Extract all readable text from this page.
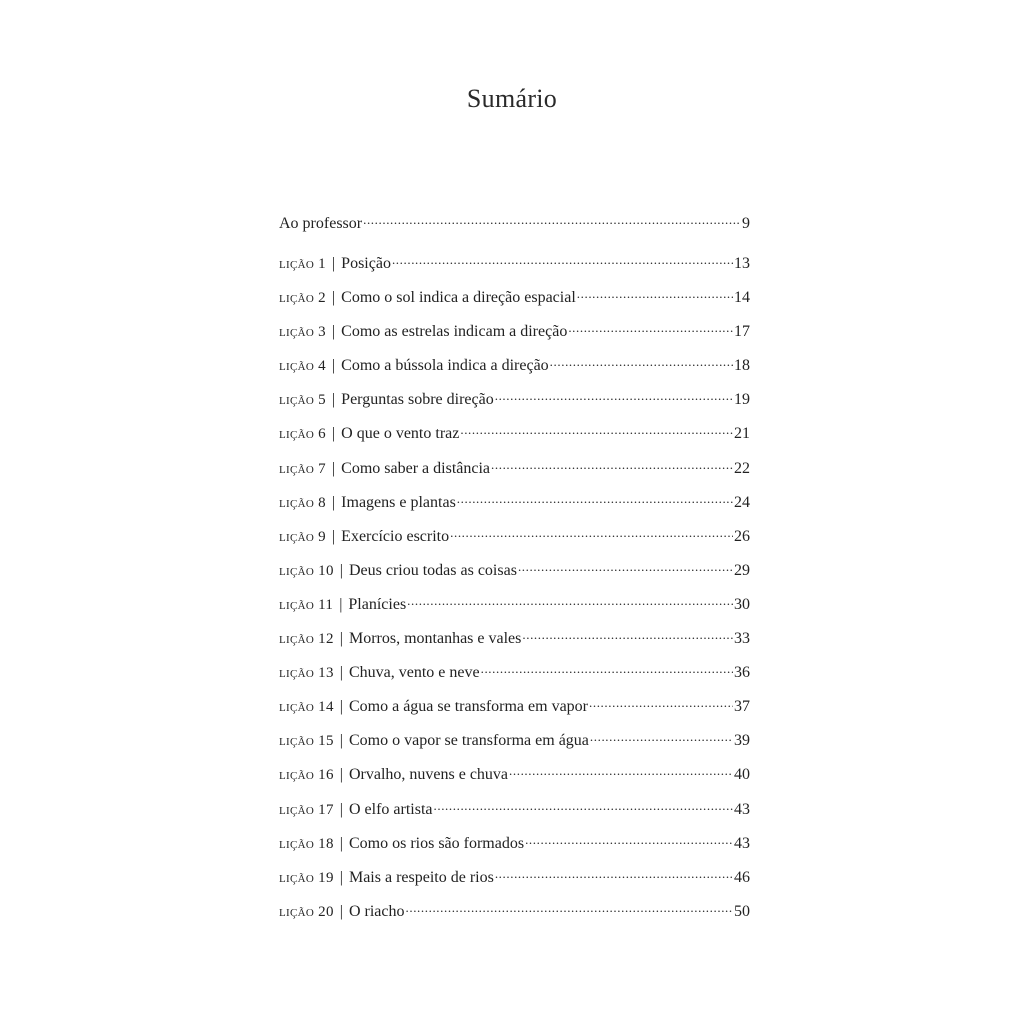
Sumário
Ao professor .....	9
lição 1 | Posição .....	13
lição 2 | Como o sol indica a direção espacial .....	14
lição 3 | Como as estrelas indicam a direção .....	17
lição 4 | Como a bússola indica a direção .....	18
lição 5 | Perguntas sobre direção .....	19
lição 6 | O que o vento traz .....	21
lição 7 | Como saber a distância .....	22
lição 8 | Imagens e plantas .....	24
lição 9 | Exercício escrito .....	26
lição 10 | Deus criou todas as coisas .....	29
lição 11 | Planícies .....	30
lição 12 | Morros, montanhas e vales .....	33
lição 13 | Chuva, vento e neve .....	36
lição 14 | Como a água se transforma em vapor .....	37
lição 15 | Como o vapor se transforma em água .....	39
lição 16 | Orvalho, nuvens e chuva .....	40
lição 17 | O elfo artista .....	43
lição 18 | Como os rios são formados .....	43
lição 19 | Mais a respeito de rios .....	46
lição 20 | O riacho .....	50
